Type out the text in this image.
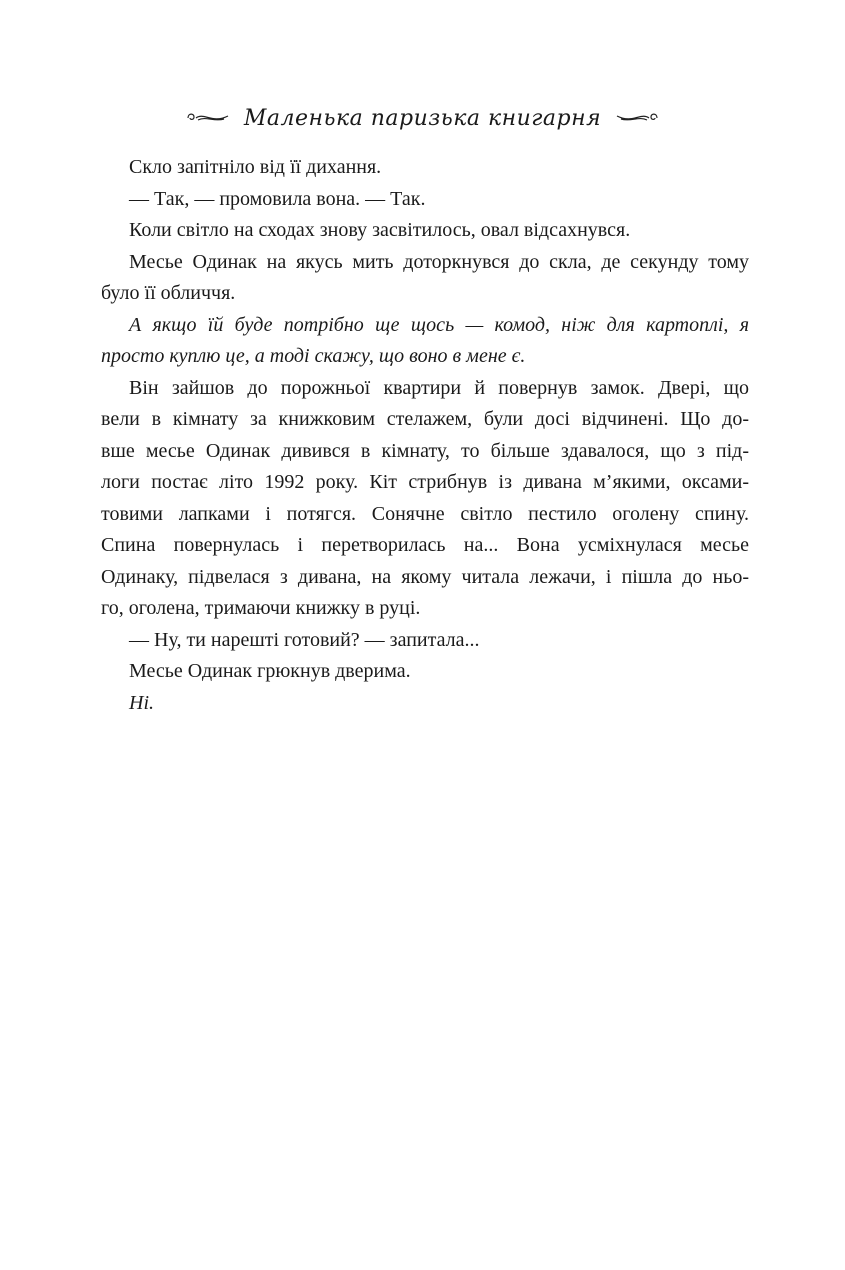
Маленька паризька книгарня
Скло запітніло від її дихання.
— Так, — промовила вона. — Так.
Коли світло на сходах знову засвітилось, овал відсахнувся.
Месье Одинак на якусь мить доторкнувся до скла, де секунду тому
було її обличчя.
А якщо їй буде потрібно ще щось — комод, ніж для картоплі, я
просто куплю це, а тоді скажу, що воно в мене є.
Він зайшов до порожньої квартири й повернув замок. Двері, що
вели в кімнату за книжковим стелажем, були досі відчинені. Що до-
вше месье Одинак дивився в кімнату, то більше здавалося, що з під-
логи постає літо 1992 року. Кіт стрибнув із дивана м’якими, оксами-
товими лапками і потягся. Сонячне світло пестило оголену спину.
Спина повернулась і перетворилась на... Вона усміхнулася месье
Одинаку, підвелася з дивана, на якому читала лежачи, і пішла до ньо-
го, оголена, тримаючи книжку в руці.
— Ну, ти нарешті готовий? — запитала...
Месье Одинак грюкнув дверима.
Ні.
